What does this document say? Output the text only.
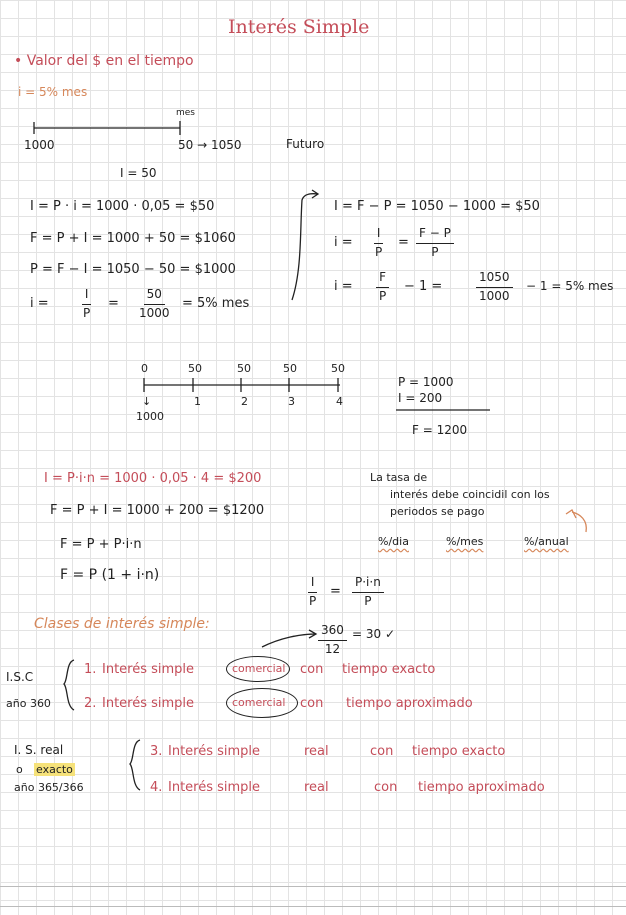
Interés Simple
• Valor del $ en el tiempo
i = 5% mes
mes
1000	50 → 1050	Futuro
I = 50
I = P · i = 1000 · 0,05 = $50
F = P + I = 1000 + 50 = $1060
P = F − I = 1050 − 50 = $1000
i =	$\frac{I}{P} = \frac{50}{1000} = 5\%$ mes
I = F − P = 1050 − 1000 = $50
$i = \frac{I}{P} = \frac{F - P}{P}$
$i = \frac{F}{P} - 1$ =	$\frac{1050}{1000} - 1 = 5\%$ mes
0	50	50	50	50
1	2	3	4
↓
1000
P = 1000
I = 200
F = 1200
I = P·i·n = 1000 · 0,05 · 4 = $200
F = P + I = 1000 + 200 = $1200
F = P + P·i·n
F = P (1 + i·n)
La tasa de
interés debe coincidil con los
periodos se pago
%/dia	%/mes	%/anual
$\frac{I}{P} = \frac{P\cdot i\cdot n}{P}$
Clases de interés simple:	$\frac{360}{12} = 30$ ✓
I.S.C
año 360
1. Interés simple	comercial con tiempo exacto
2. Interés simple	comercial con tiempo aproximado
I. S. real
o exacto
año 365/366
3. Interés simple	real	con tiempo exacto
4. Interés simple	real	con tiempo aproximado
